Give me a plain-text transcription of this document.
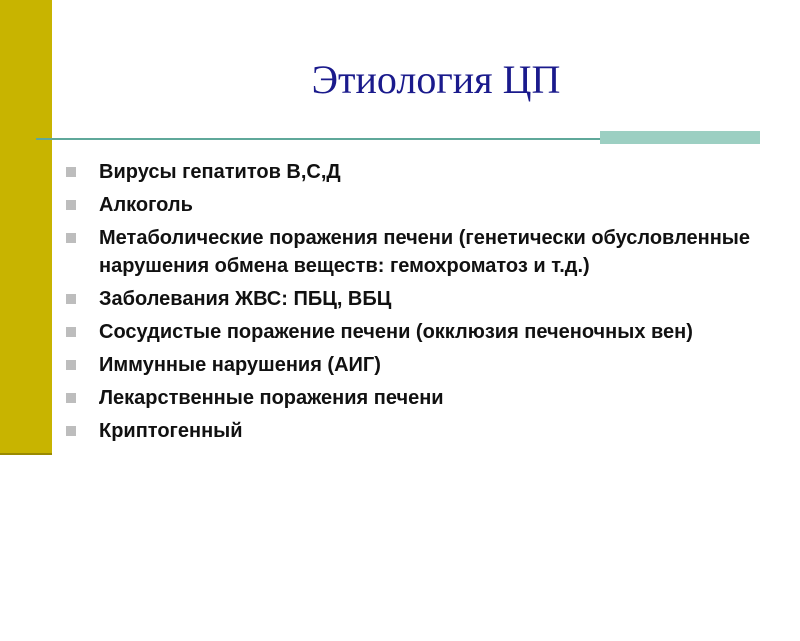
Этиология ЦП
Вирусы гепатитов В,С,Д
Алкоголь
Метаболические поражения печени (генетически обусловленные нарушения обмена веществ: гемохроматоз и т.д.)
Заболевания ЖВС: ПБЦ, ВБЦ
Сосудистые поражение печени (окклюзия печеночных вен)
Иммунные нарушения (АИГ)
Лекарственные поражения печени
Криптогенный
